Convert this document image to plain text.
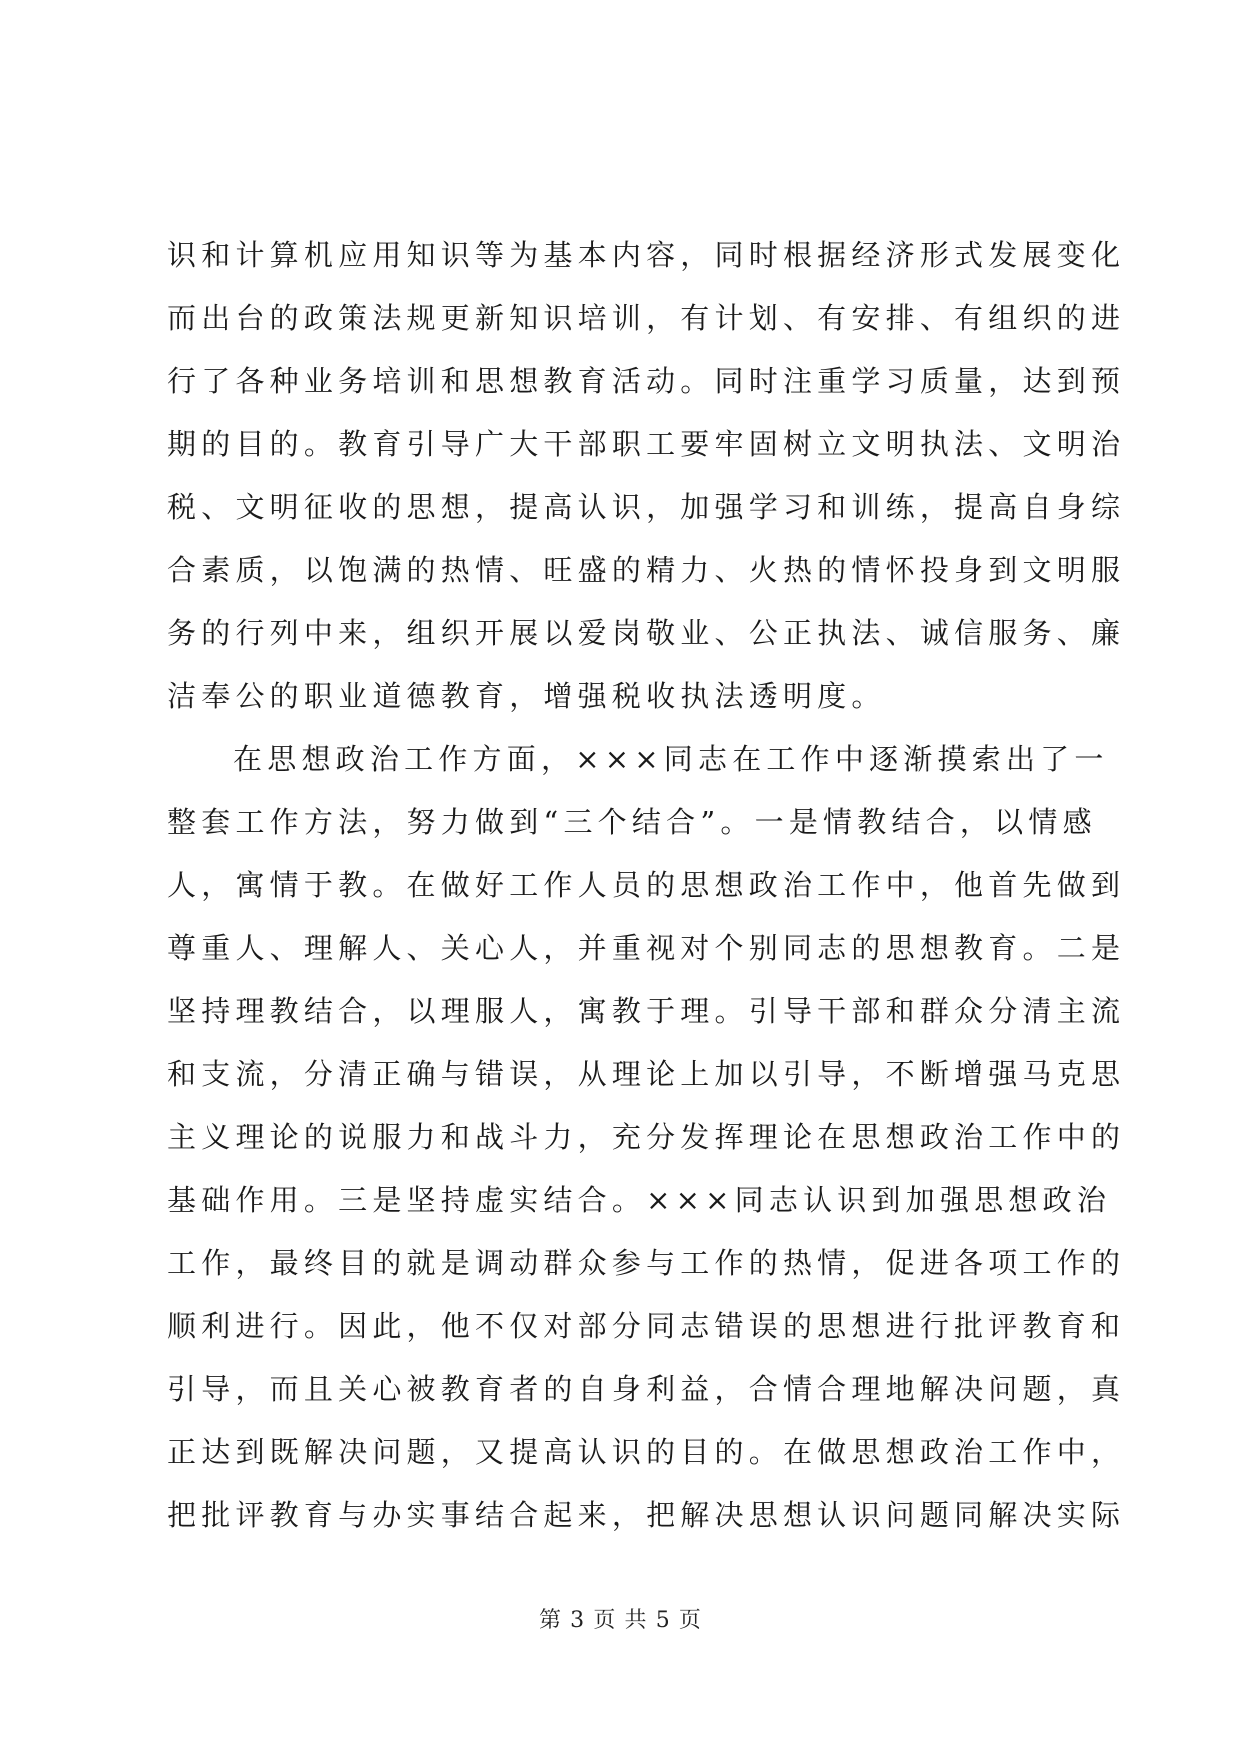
识和计算机应用知识等为基本内容，同时根据经济形式发展变化
而出台的政策法规更新知识培训，有计划、有安排、有组织的进
行了各种业务培训和思想教育活动。同时注重学习质量，达到预
期的目的。教育引导广大干部职工要牢固树立文明执法、文明治
税、文明征收的思想，提高认识，加强学习和训练，提高自身综
合素质，以饱满的热情、旺盛的精力、火热的情怀投身到文明服
务的行列中来，组织开展以爱岗敬业、公正执法、诚信服务、廉
洁奉公的职业道德教育，增强税收执法透明度。
在思想政治工作方面，×××同志在工作中逐渐摸索出了一
整套工作方法，努力做到“三个结合”。一是情教结合，以情感
人，寓情于教。在做好工作人员的思想政治工作中，他首先做到
尊重人、理解人、关心人，并重视对个别同志的思想教育。二是
坚持理教结合，以理服人，寓教于理。引导干部和群众分清主流
和支流，分清正确与错误，从理论上加以引导，不断增强马克思
主义理论的说服力和战斗力，充分发挥理论在思想政治工作中的
基础作用。三是坚持虚实结合。×××同志认识到加强思想政治
工作，最终目的就是调动群众参与工作的热情，促进各项工作的
顺利进行。因此，他不仅对部分同志错误的思想进行批评教育和
引导，而且关心被教育者的自身利益，合情合理地解决问题，真
正达到既解决问题，又提高认识的目的。在做思想政治工作中，
把批评教育与办实事结合起来，把解决思想认识问题同解决实际
第 3 页 共 5 页
